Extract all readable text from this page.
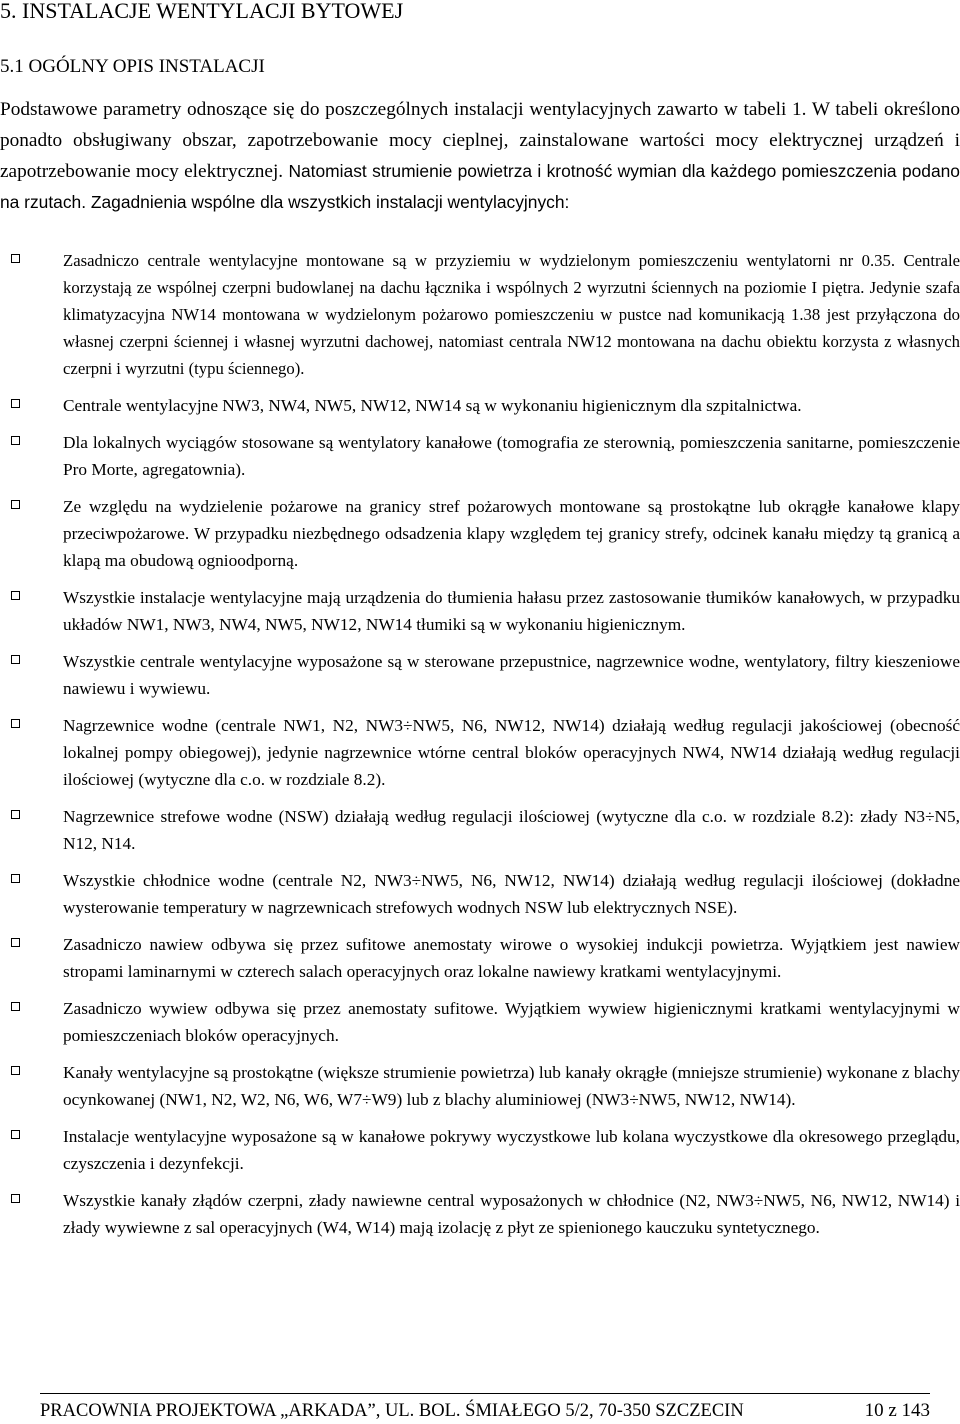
5. INSTALACJE WENTYLACJI BYTOWEJ
5.1 OGÓLNY OPIS INSTALACJI
Podstawowe parametry odnoszące się do poszczególnych instalacji wentylacyjnych zawarto w tabeli 1. W tabeli określono ponadto obsługiwany obszar, zapotrzebowanie mocy cieplnej, zainstalowane wartości mocy elektrycznej urządzeń i zapotrzebowanie mocy elektrycznej. Natomiast strumienie powietrza i krotność wymian dla każdego pomieszczenia podano na rzutach. Zagadnienia wspólne dla wszystkich instalacji wentylacyjnych:
Zasadniczo centrale wentylacyjne montowane są w przyziemiu w wydzielonym pomieszczeniu wentylatorni nr 0.35. Centrale korzystają ze wspólnej czerpni budowlanej na dachu łącznika i wspólnych 2 wyrzutni ściennych na poziomie I piętra. Jedynie szafa klimatyzacyjna NW14 montowana w wydzielonym pożarowo pomieszczeniu w pustce nad komunikacją 1.38 jest przyłączona do własnej czerpni ściennej i własnej wyrzutni dachowej, natomiast centrala NW12 montowana na dachu obiektu korzysta z własnych czerpni i wyrzutni (typu ściennego).
Centrale wentylacyjne NW3, NW4, NW5, NW12, NW14 są w wykonaniu higienicznym dla szpitalnictwa.
Dla lokalnych wyciągów stosowane są wentylatory kanałowe (tomografia ze sterownią, pomieszczenia sanitarne, pomieszczenie Pro Morte, agregatownia).
Ze względu na wydzielenie pożarowe na granicy stref pożarowych montowane są prostokątne lub okrągłe kanałowe klapy przeciwpożarowe. W przypadku niezbędnego odsadzenia klapy względem tej granicy strefy, odcinek kanału między tą granicą a klapą ma obudową ognioodporną.
Wszystkie instalacje wentylacyjne mają urządzenia do tłumienia hałasu przez zastosowanie tłumików kanałowych, w przypadku układów NW1, NW3, NW4, NW5, NW12, NW14 tłumiki są w wykonaniu higienicznym.
Wszystkie centrale wentylacyjne wyposażone są w sterowane przepustnice, nagrzewnice wodne, wentylatory, filtry kieszeniowe nawiewu i wywiewu.
Nagrzewnice wodne (centrale NW1, N2, NW3÷NW5, N6, NW12, NW14) działają według regulacji jakościowej (obecność lokalnej pompy obiegowej), jedynie nagrzewnice wtórne central bloków operacyjnych NW4, NW14 działają według regulacji ilościowej (wytyczne dla c.o. w rozdziale 8.2).
Nagrzewnice strefowe wodne (NSW) działają według regulacji ilościowej (wytyczne dla c.o. w rozdziale 8.2): złady N3÷N5, N12, N14.
Wszystkie chłodnice wodne (centrale N2, NW3÷NW5, N6, NW12, NW14) działają według regulacji ilościowej (dokładne wysterowanie temperatury w nagrzewnicach strefowych wodnych NSW lub elektrycznych NSE).
Zasadniczo nawiew odbywa się przez sufitowe anemostaty wirowe o wysokiej indukcji powietrza. Wyjątkiem jest nawiew stropami laminarnymi w czterech salach operacyjnych oraz lokalne nawiewy kratkami wentylacyjnymi.
Zasadniczo wywiew odbywa się przez anemostaty sufitowe. Wyjątkiem wywiew higienicznymi kratkami wentylacyjnymi w pomieszczeniach bloków operacyjnych.
Kanały wentylacyjne są prostokątne (większe strumienie powietrza) lub kanały okrągłe (mniejsze strumienie) wykonane z blachy ocynkowanej (NW1, N2, W2, N6, W6, W7÷W9) lub z blachy aluminiowej (NW3÷NW5, NW12, NW14).
Instalacje wentylacyjne wyposażone są w kanałowe pokrywy wyczystkowe lub kolana wyczystkowe dla okresowego przeglądu, czyszczenia i dezynfekcji.
Wszystkie kanały złądów czerpni, złady nawiewne central wyposażonych w chłodnice (N2, NW3÷NW5, N6, NW12, NW14) i złady wywiewne z sal operacyjnych (W4, W14) mają izolację z płyt ze spienionego kauczuku syntetycznego.
PRACOWNIA PROJEKTOWA „ARKADA”, UL. BOL. ŚMIAŁEGO 5/2, 70-350 SZCZECIN	10 z 143
